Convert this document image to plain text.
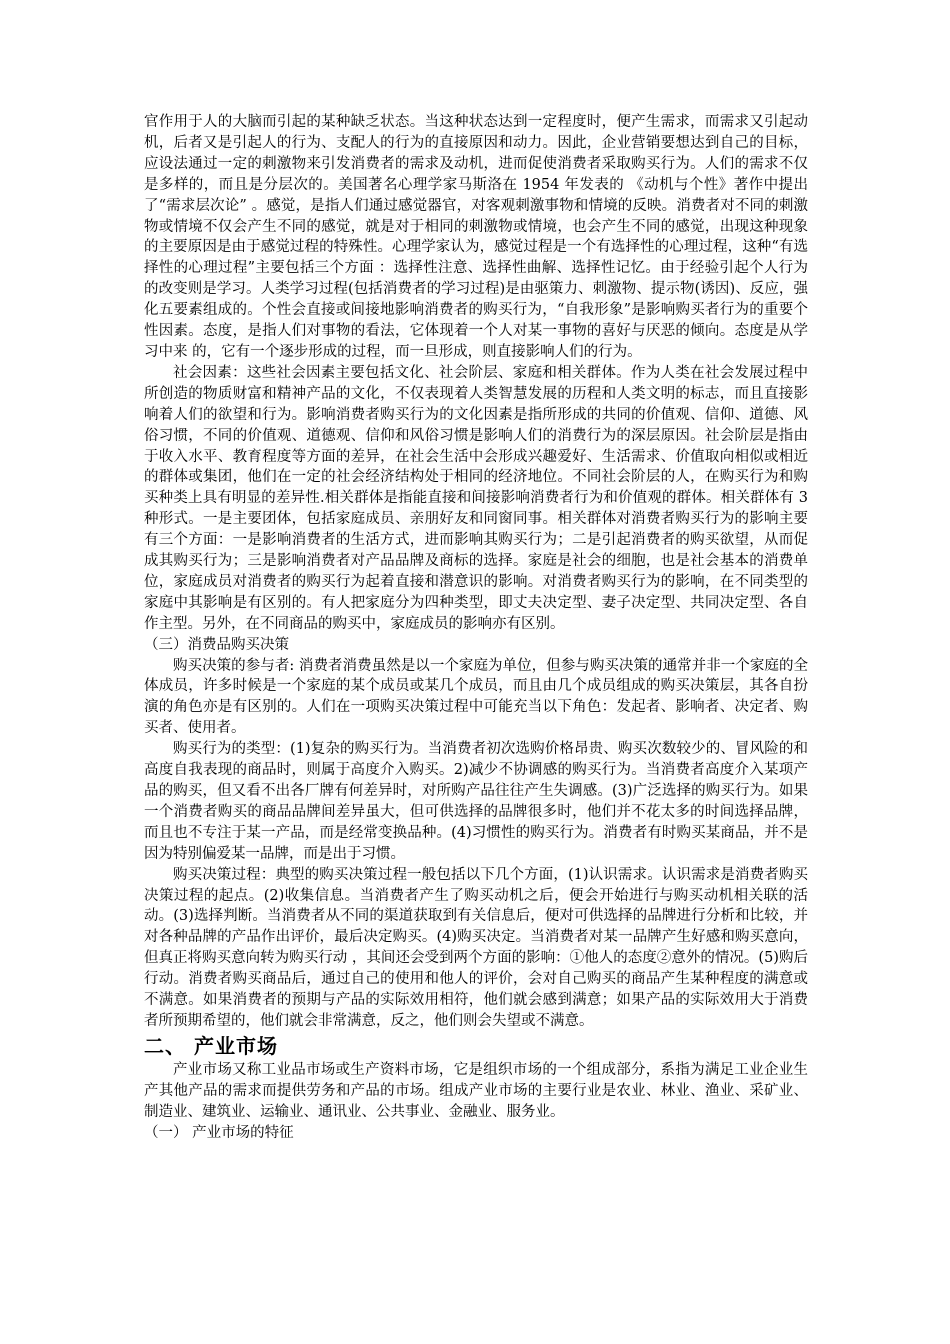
官作用于人的大脑而引起的某种缺乏状态。当这种状态达到一定程度时，便产生需求，而需求又引起动机，后者又是引起人的行为、支配人的行为的直接原因和动力。因此，企业营销要想达到自己的目标，应设法通过一定的刺激物来引发消费者的需求及动机，进而促使消费者采取购买行为。人们的需求不仅是多样的，而且是分层次的。美国著名心理学家马斯洛在 1954 年发表的 《动机与个性》著作中提出了“需求层次论” 。感觉，是指人们通过感觉器官，对客观刺激事物和情境的反映。消费者对不同的刺激物或情境不仅会产生不同的感觉，就是对于相同的刺激物或情境，也会产生不同的感觉，出现这种现象的主要原因是由于感觉过程的特殊性。心理学家认为，感觉过程是一个有选择性的心理过程，这种“有选择性的心理过程”主要包括三个方面 ：选择性注意、选择性曲解、选择性记忆。由于经验引起个人行为的改变则是学习。人类学习过程(包括消费者的学习过程)是由驱策力、刺激物、提示物(诱因)、反应，强化五要素组成的。个性会直接或间接地影响消费者的购买行为，“自我形象”是影响购买者行为的重要个性因素。态度，是指人们对事物的看法，它体现着一个人对某一事物的喜好与厌恶的倾向。态度是从学习中来 的，它有一个逐步形成的过程，而一旦形成，则直接影响人们的行为。

社会因素：这些社会因素主要包括文化、社会阶层、家庭和相关群体。作为人类在社会发展过程中所创造的物质财富和精神产品的文化，不仅表现着人类智慧发展的历程和人类文明的标志，而且直接影响着人们的欲望和行为。影响消费者购买行为的文化因素是指所形成的共同的价值观、信仰、道德、风俗习惯，不同的价值观、道德观、信仰和风俗习惯是影响人们的消费行为的深层原因。社会阶层是指由于收入水平、教育程度等方面的差异，在社会生活中会形成兴趣爱好、生活需求、价值取向相似或相近的群体或集团，他们在一定的社会经济结构处于相同的经济地位。不同社会阶层的人，在购买行为和购买种类上具有明显的差异性.相关群体是指能直接和间接影响消费者行为和价值观的群体。相关群体有 3 种形式。一是主要团体，包括家庭成员、亲朋好友和同窗同事。相关群体对消费者购买行为的影响主要有三个方面：一是影响消费者的生活方式，进而影响其购买行为；二是引起消费者的购买欲望，从而促成其购买行为；三是影响消费者对产品品牌及商标的选择。家庭是社会的细胞，也是社会基本的消费单位，家庭成员对消费者的购买行为起着直接和潜意识的影响。对消费者购买行为的影响，在不同类型的家庭中其影响是有区别的。有人把家庭分为四种类型，即丈夫决定型、妻子决定型、共同决定型、各自作主型。另外，在不同商品的购买中，家庭成员的影响亦有区别。

（三）消费品购买决策

购买决策的参与者: 消费者消费虽然是以一个家庭为单位，但参与购买决策的通常并非一个家庭的全体成员，许多时候是一个家庭的某个成员或某几个成员，而且由几个成员组成的购买决策层，其各自扮演的角色亦是有区别的。人们在一项购买决策过程中可能充当以下角色：发起者、影响者、决定者、购买者、使用者。

购买行为的类型：(1)复杂的购买行为。当消费者初次选购价格昂贵、购买次数较少的、冒风险的和高度自我表现的商品时，则属于高度介入购买。2)减少不协调感的购买行为。当消费者高度介入某项产品的购买，但又看不出各厂牌有何差异时，对所购产品往往产生失调感。(3)广泛选择的购买行为。如果一个消费者购买的商品品牌间差异虽大，但可供选择的品牌很多时，他们并不花太多的时间选择品牌，而且也不专注于某一产品，而是经常变换品种。(4)习惯性的购买行为。消费者有时购买某商品，并不是因为特别偏爱某一品牌，而是出于习惯。

购买决策过程：典型的购买决策过程一般包括以下几个方面，(1)认识需求。认识需求是消费者购买决策过程的起点。(2)收集信息。当消费者产生了购买动机之后，便会开始进行与购买动机相关联的活动。(3)选择判断。当消费者从不同的渠道获取到有关信息后，便对可供选择的品牌进行分析和比较，并对各种品牌的产品作出评价，最后决定购买。(4)购买决定。当消费者对某一品牌产生好感和购买意向，但真正将购买意向转为购买行动 ，其间还会受到两个方面的影响：①他人的态度②意外的情况。(5)购后行动。消费者购买商品后，通过自己的使用和他人的评价，会对自己购买的商品产生某种程度的满意或不满意。如果消费者的预期与产品的实际效用相符，他们就会感到满意；如果产品的实际效用大于消费者所预期希望的，他们就会非常满意，反之，他们则会失望或不满意。

二、 产业市场

产业市场又称工业品市场或生产资料市场，它是组织市场的一个组成部分，系指为满足工业企业生产其他产品的需求而提供劳务和产品的市场。组成产业市场的主要行业是农业、林业、渔业、采矿业、制造业、建筑业、运输业、通讯业、公共事业、金融业、服务业。

（一） 产业市场的特征
